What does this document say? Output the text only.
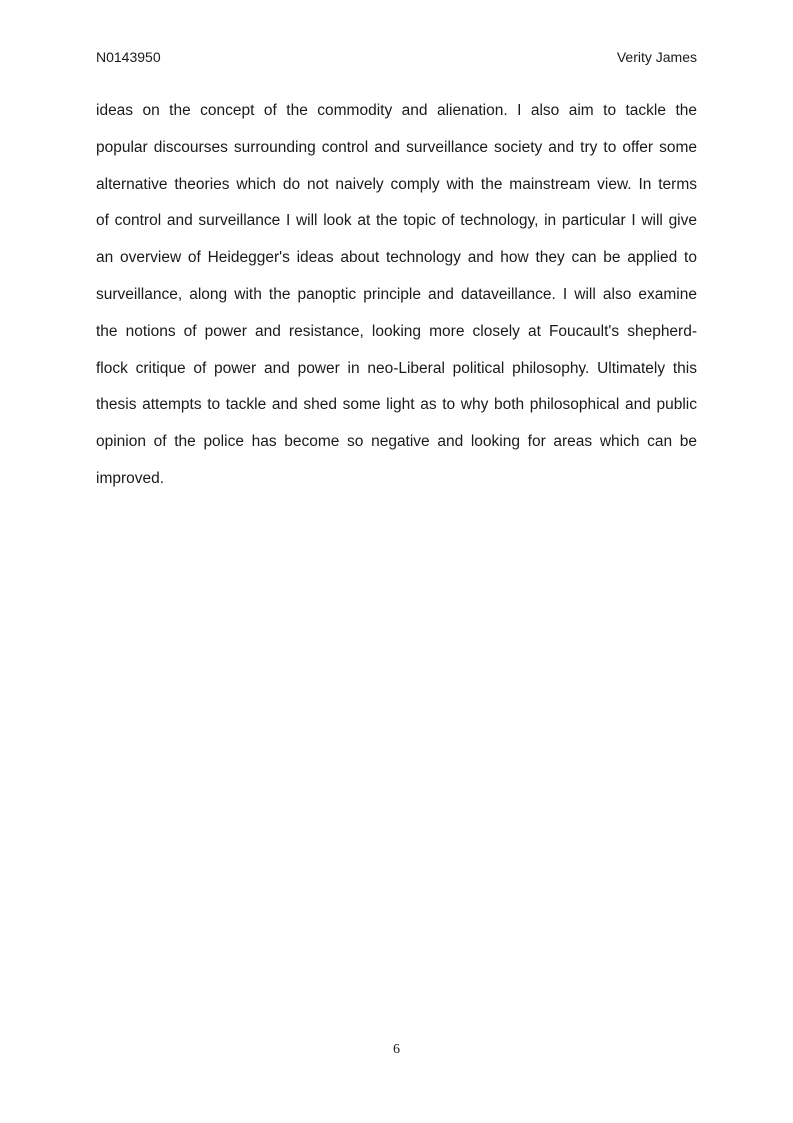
N0143950	Verity James
ideas on the concept of the commodity and alienation. I also aim to tackle the
popular discourses surrounding control and surveillance society and try to offer some
alternative theories which do not naively comply with the mainstream view. In terms
of control and surveillance I will look at the topic of technology, in particular I will give
an overview of Heidegger's ideas about technology and how they can be applied to
surveillance, along with the panoptic principle and dataveillance. I will also examine
the notions of power and resistance, looking more closely at Foucault's shepherd-
flock critique of power and power in neo-Liberal political philosophy. Ultimately this
thesis attempts to tackle and shed some light as to why both philosophical and public
opinion of the police has become so negative and looking for areas which can be
improved.
6
